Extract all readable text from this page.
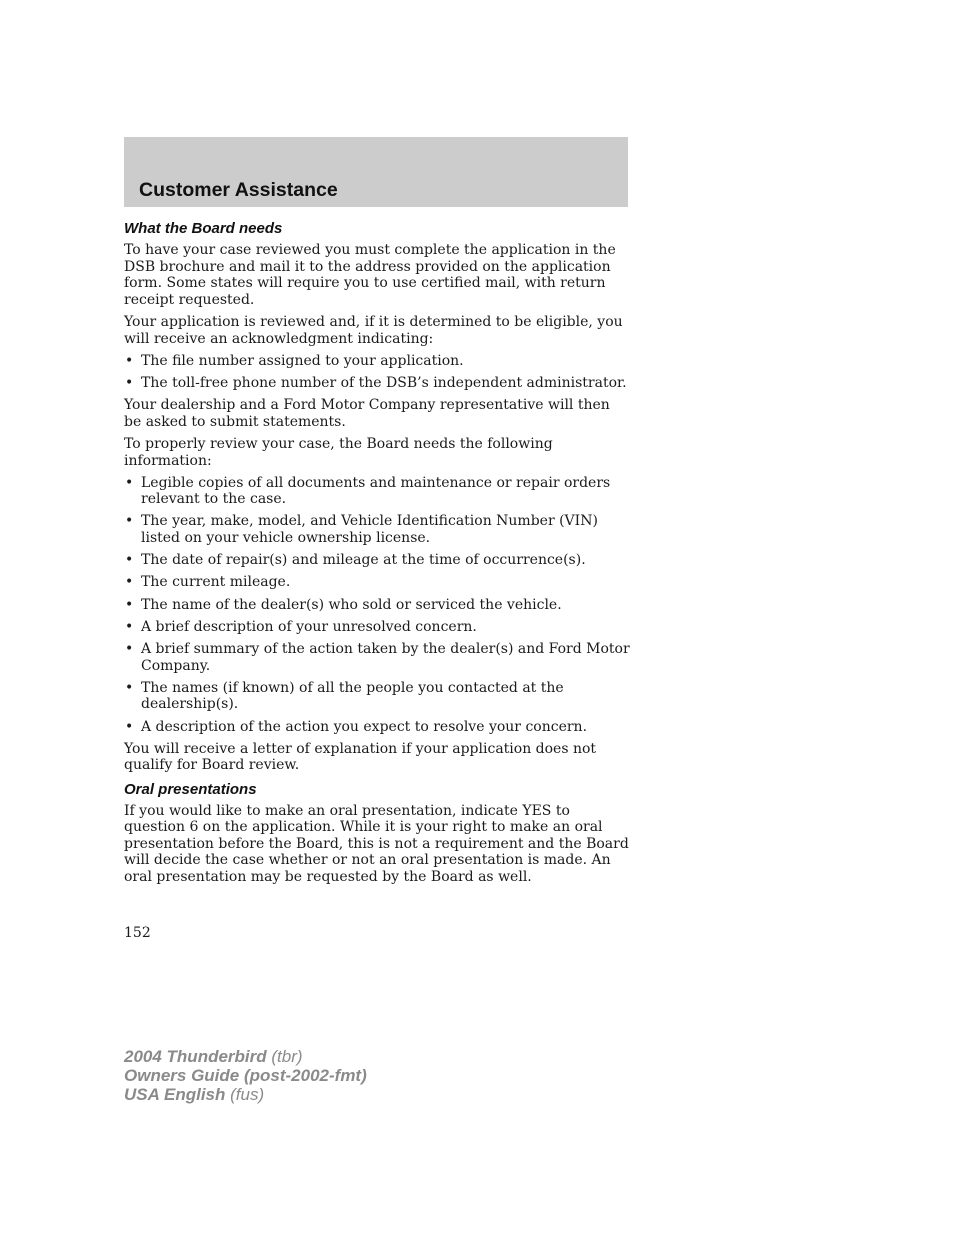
Customer Assistance
What the Board needs

To have your case reviewed you must complete the application in the DSB brochure and mail it to the address provided on the application form. Some states will require you to use certified mail, with return receipt requested.

Your application is reviewed and, if it is determined to be eligible, you will receive an acknowledgment indicating:

• The file number assigned to your application.
• The toll-free phone number of the DSB’s independent administrator.

Your dealership and a Ford Motor Company representative will then be asked to submit statements.

To properly review your case, the Board needs the following information:

• Legible copies of all documents and maintenance or repair orders relevant to the case.
• The year, make, model, and Vehicle Identification Number (VIN) listed on your vehicle ownership license.
• The date of repair(s) and mileage at the time of occurrence(s).
• The current mileage.
• The name of the dealer(s) who sold or serviced the vehicle.
• A brief description of your unresolved concern.
• A brief summary of the action taken by the dealer(s) and Ford Motor Company.
• The names (if known) of all the people you contacted at the dealership(s).
• A description of the action you expect to resolve your concern.

You will receive a letter of explanation if your application does not qualify for Board review.

Oral presentations

If you would like to make an oral presentation, indicate YES to question 6 on the application. While it is your right to make an oral presentation before the Board, this is not a requirement and the Board will decide the case whether or not an oral presentation is made. An oral presentation may be requested by the Board as well.

152

2004 Thunderbird (tbr)
Owners Guide (post-2002-fmt)
USA English (fus)
